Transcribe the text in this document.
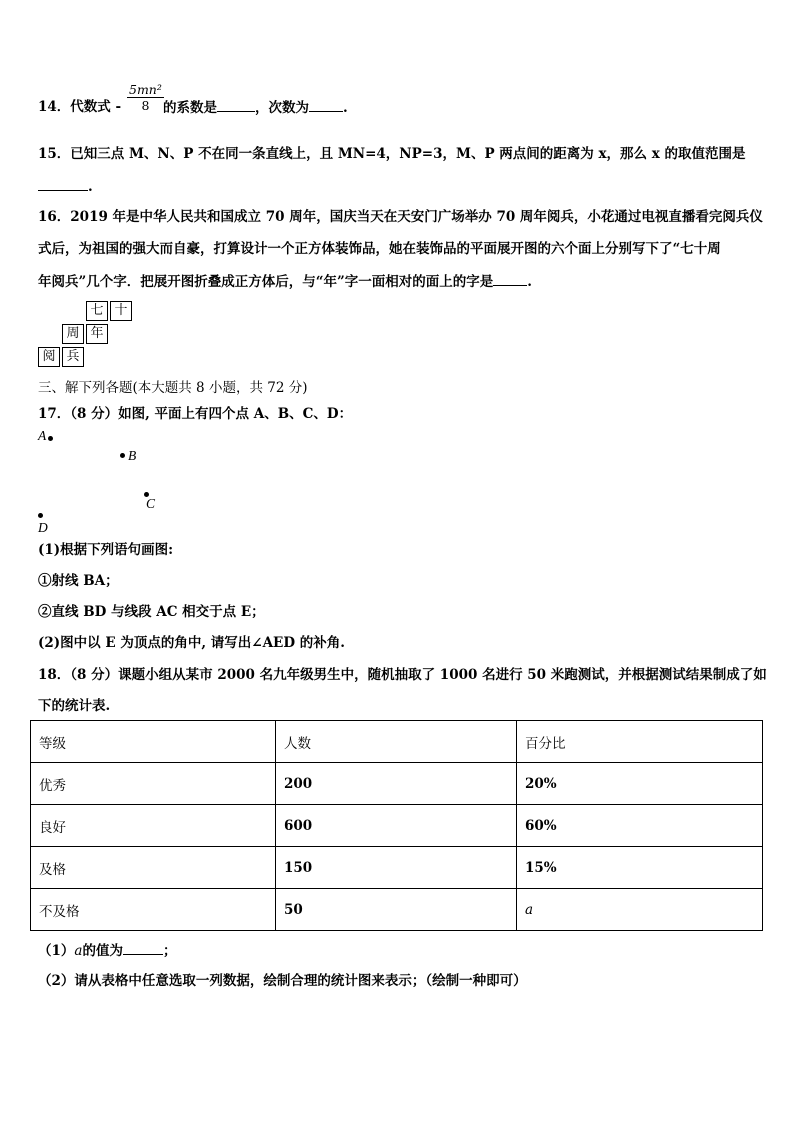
14．代数式 - $\frac{\text{5mn²}}{8}$ 的系数是	，次数为	.
15．已知三点 M、N、P 不在同一条直线上，且 MN=4，NP=3，M、P 两点间的距离为 x，那么 x 的取值范围是
.
16．2019 年是中华人民共和国成立 70 周年，国庆当天在天安门广场举办 70 周年阅兵，小花通过电视直播看完阅兵仪
式后，为祖国的强大而自豪，打算设计一个正方体装饰品，她在装饰品的平面展开图的六个面上分别写下了“七十周
年阅兵”几个字．把展开图折叠成正方体后，与“年”字一面相对的面上的字是	.
七 十
周 年
阅 兵
三、解下列各题(本大题共 8 小题，共 72 分)
17．（8 分）如图, 平面上有四个点 A、B、C、D：
A
B
C
D
(1)根据下列语句画图:
①射线 BA；
②直线 BD 与线段 AC 相交于点 E；
(2)图中以 E 为顶点的角中, 请写出∠AED 的补角.
18．（8 分）课题小组从某市 2000 名九年级男生中，随机抽取了 1000 名进行 50 米跑测试，并根据测试结果制成了如
下的统计表.
等级	人数	百分比
优秀	200	20%
良好	600	60%
及格	150	15%
不及格	50	a
（1）a的值为	；
（2）请从表格中任意选取一列数据，绘制合理的统计图来表示；（绘制一种即可）
